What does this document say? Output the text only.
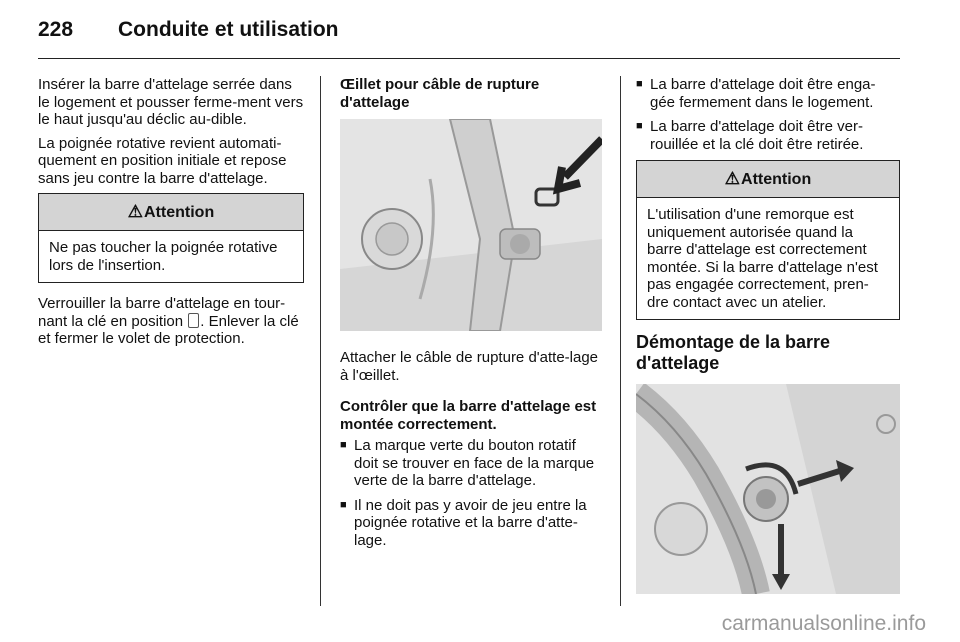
228 Conduite et utilisation

Insérer la barre d'attelage serrée dans le logement et pousser ferme-ment vers le haut jusqu'au déclic au-dible.

La poignée rotative revient automati-quement en position initiale et repose sans jeu contre la barre d'attelage.

⚠Attention
Ne pas toucher la poignée rotative lors de l'insertion.

Verrouiller la barre d'attelage en tour-nant la clé en position . Enlever la clé et fermer le volet de protection.

Œillet pour câble de rupture d'attelage

Attacher le câble de rupture d'atte-lage à l'œillet.

Contrôler que la barre d'attelage est montée correctement.

■ La marque verte du bouton rotatif doit se trouver en face de la marque verte de la barre d'attelage.
■ Il ne doit pas y avoir de jeu entre la poignée rotative et la barre d'atte-lage.
■ La barre d'attelage doit être enga-gée fermement dans le logement.
■ La barre d'attelage doit être ver-rouillée et la clé doit être retirée.
⚠Attention
L'utilisation d'une remorque est uniquement autorisée quand la barre d'attelage est correctement montée. Si la barre d'attelage n'est pas engagée correctement, pren-dre contact avec un atelier.
Démontage de la barre d'attelage
carmanualsonline.info
